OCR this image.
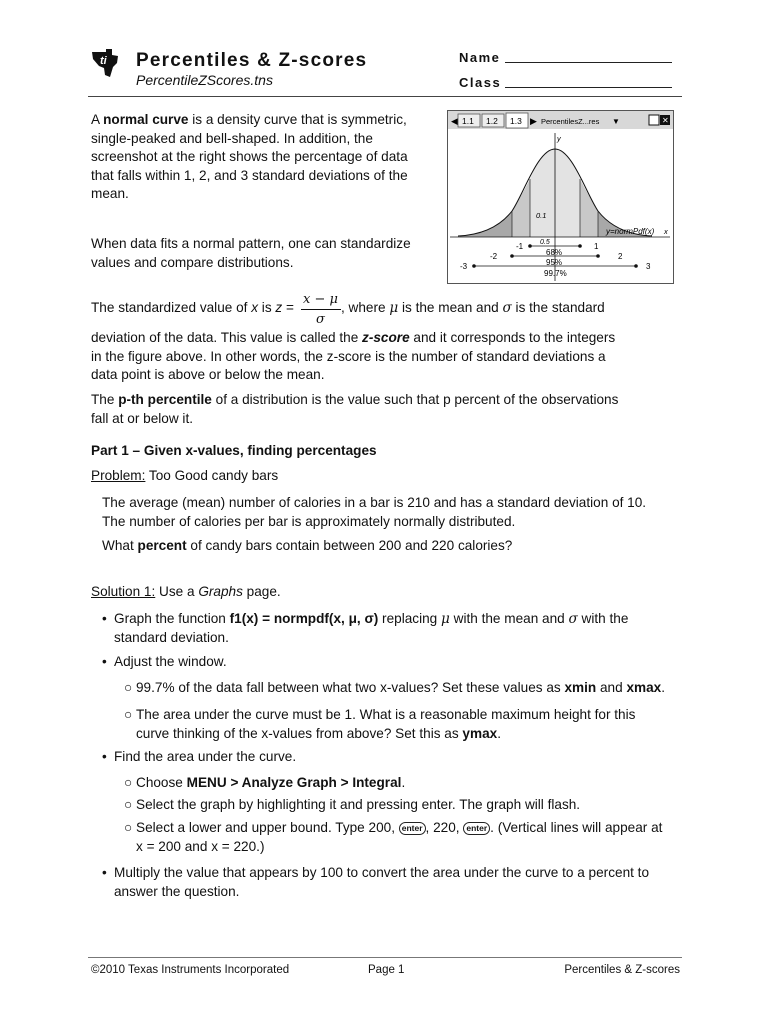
ti Percentiles & Z-scores
PercentileZScores.tns
Name
Class
A normal curve is a density curve that is symmetric,
single-peaked and bell-shaped. In addition, the
screenshot at the right shows the percentage of data
that falls within 1, 2, and 3 standard deviations of the
mean.
When data fits a normal pattern, one can standardize
values and compare distributions.
◀ 1.1 1.2 1.3 ▶ PercentilesZ...res ▼	✕
y
0.1
y=normPdf(x) x
-1 0.5	1
68%
-2	2
95%
-3	3
99.7%
The standardized value of x is z =
x − μ
σ
, where μ is the mean and σ is the standard
deviation of the data. This value is called the z-score and it corresponds to the integers
in the figure above. In other words, the z-score is the number of standard deviations a
data point is above or below the mean.
The p-th percentile of a distribution is the value such that p percent of the observations
fall at or below it.
Part 1 – Given x-values, finding percentages
Problem: Too Good candy bars
The average (mean) number of calories in a bar is 210 and has a standard deviation of 10.
The number of calories per bar is approximately normally distributed.
What percent of candy bars contain between 200 and 220 calories?
Solution 1: Use a Graphs page.
• Graph the function f1(x) = normpdf(x, μ, σ) replacing μ with the mean and σ with the
standard deviation.
• Adjust the window.
○ 99.7% of the data fall between what two x-values? Set these values as xmin and xmax.
○ The area under the curve must be 1. What is a reasonable maximum height for this
curve thinking of the x-values from above? Set this as ymax.
• Find the area under the curve.
○ Choose MENU > Analyze Graph > Integral.
○ Select the graph by highlighting it and pressing enter. The graph will flash.
○ Select a lower and upper bound. Type 200, enter , 220, enter . (Vertical lines will appear at
x = 200 and x = 220.)
• Multiply the value that appears by 100 to convert the area under the curve to a percent to
answer the question.
©2010 Texas Instruments Incorporated	Page 1	Percentiles & Z-scores
